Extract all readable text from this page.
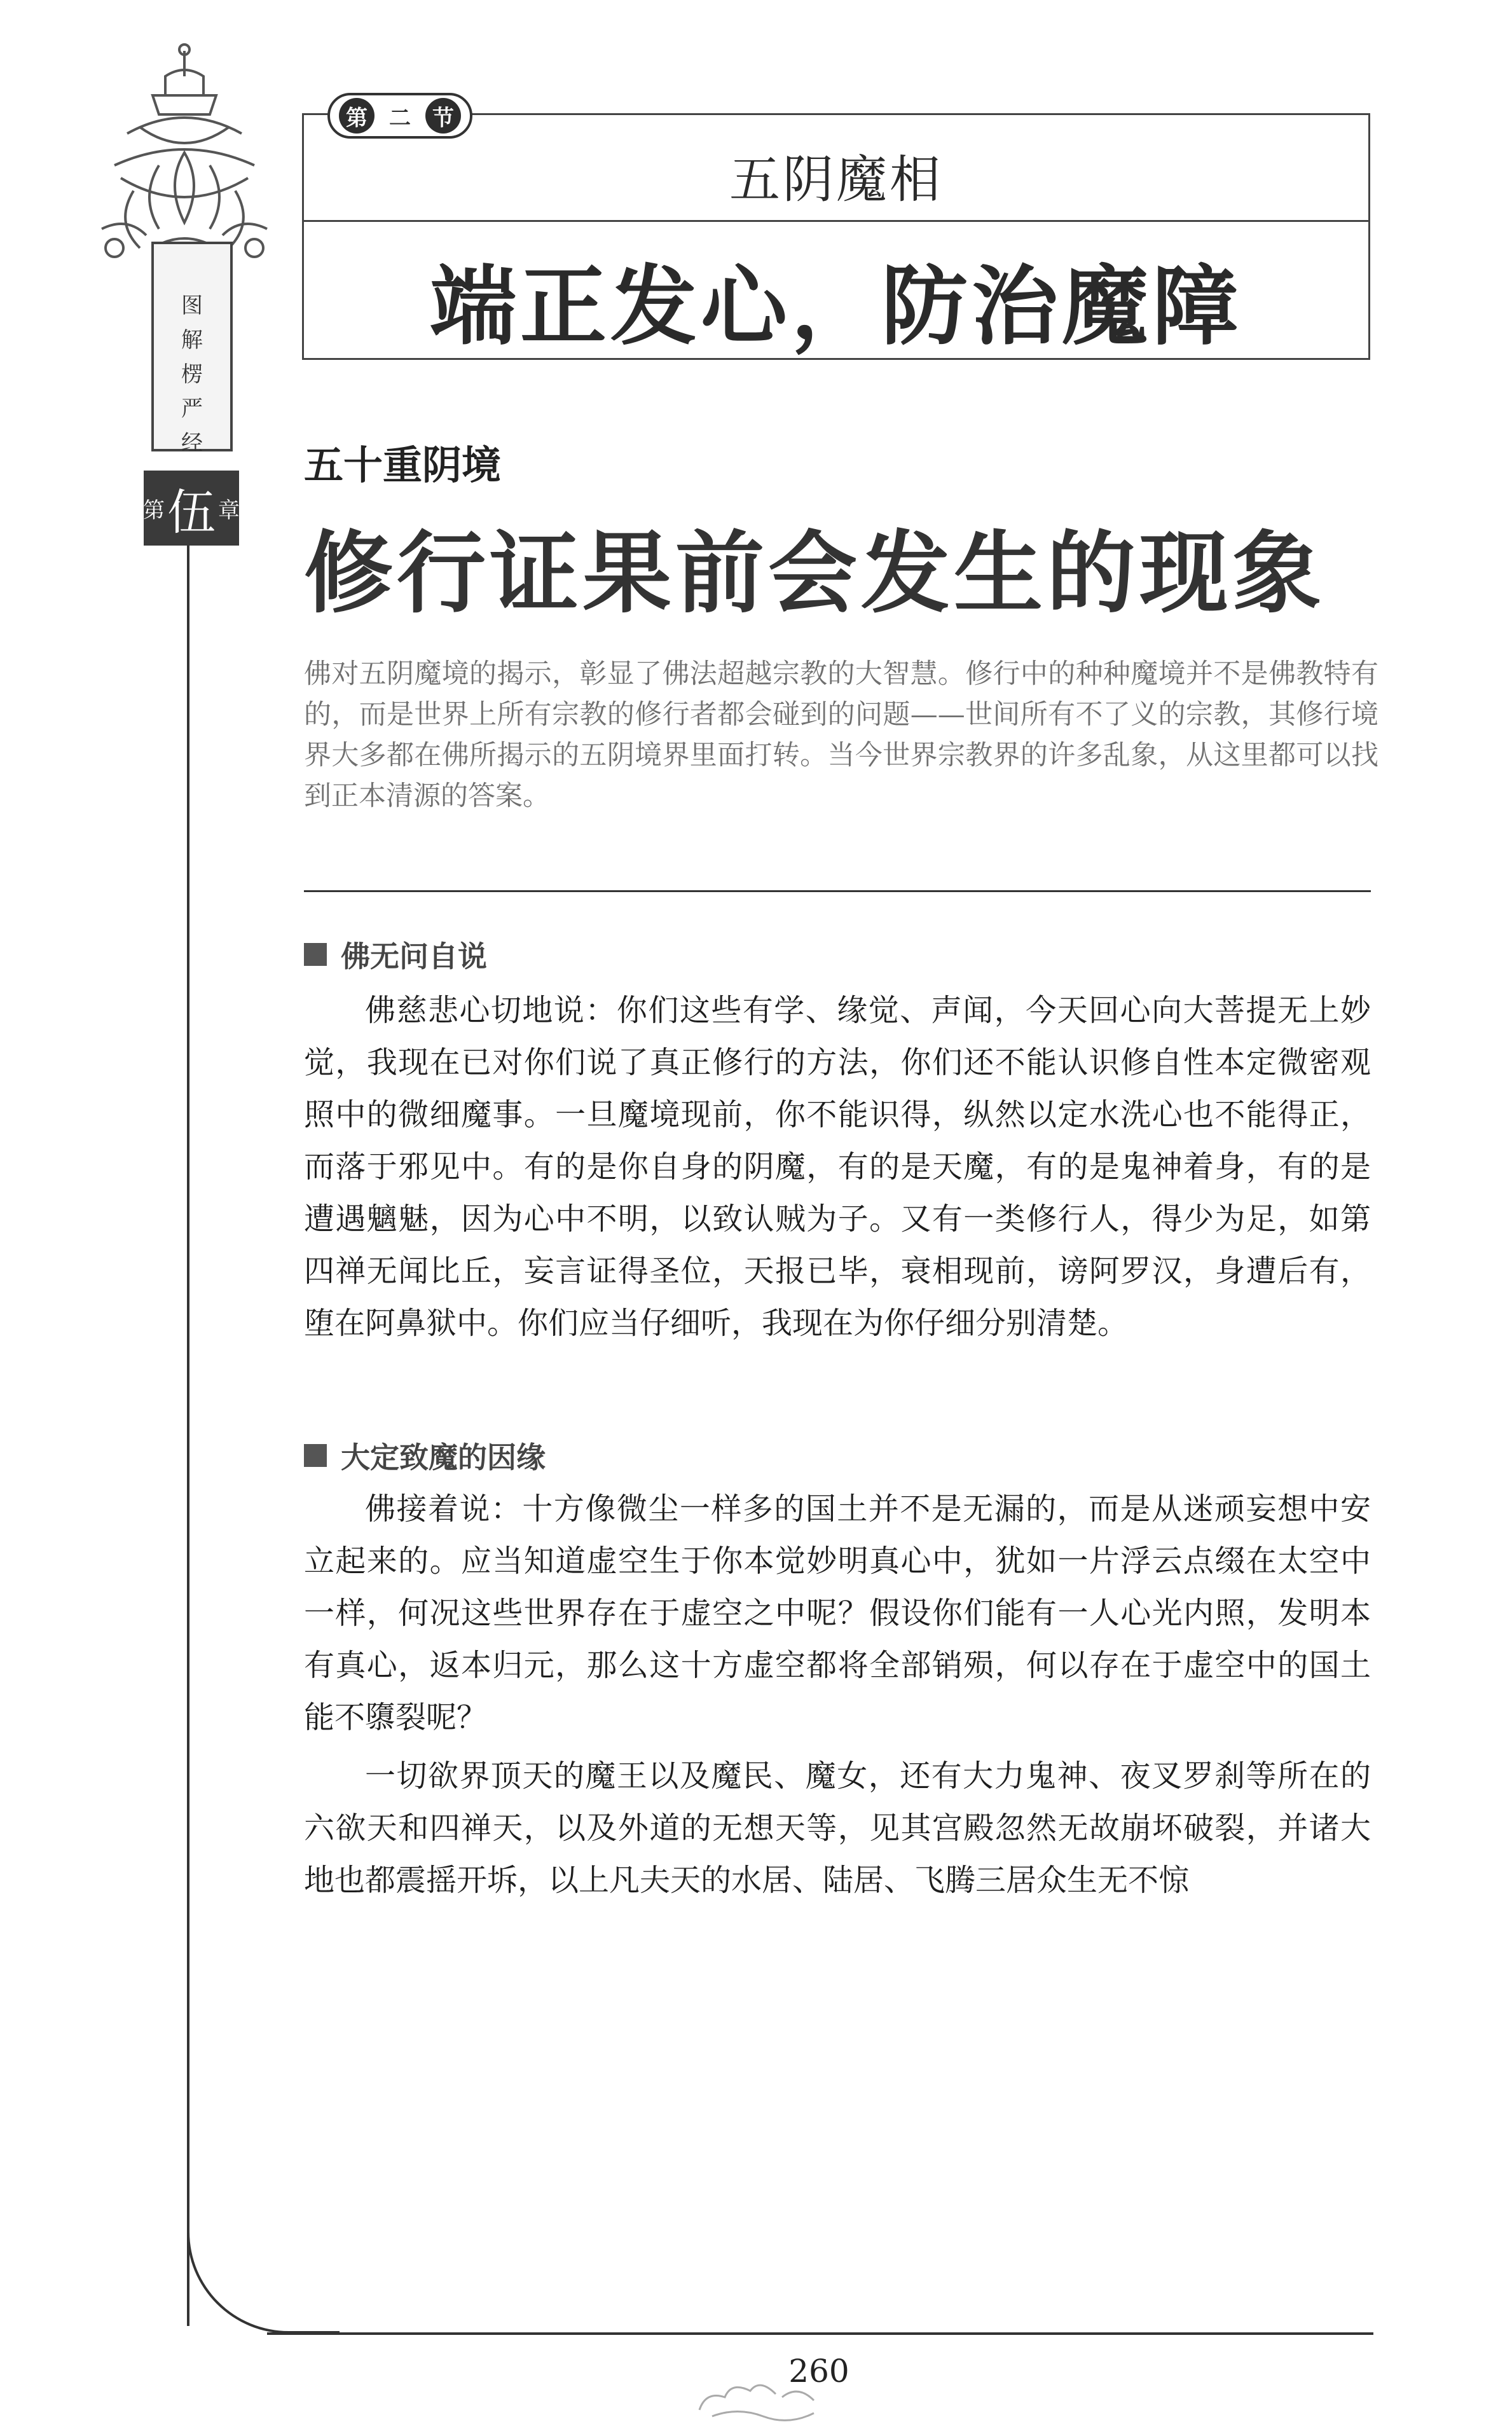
图
解
楞
严
经
第 伍 章
第	二	节
五阴魔相
端正发心，防治魔障
五十重阴境
修行证果前会发生的现象
佛对五阴魔境的揭示，彰显了佛法超越宗教的大智慧。修行中的种种魔境并不是佛教特有的，而是世界上所有宗教的修行者都会碰到的问题——世间所有不了义的宗教，其修行境界大多都在佛所揭示的五阴境界里面打转。当今世界宗教界的许多乱象，从这里都可以找到正本清源的答案。
佛无问自说
佛慈悲心切地说：你们这些有学、缘觉、声闻，今天回心向大菩提无上妙觉，我现在已对你们说了真正修行的方法，你们还不能认识修自性本定微密观照中的微细魔事。一旦魔境现前，你不能识得，纵然以定水洗心也不能得正，而落于邪见中。有的是你自身的阴魔，有的是天魔，有的是鬼神着身，有的是遭遇魑魅，因为心中不明，以致认贼为子。又有一类修行人，得少为足，如第四禅无闻比丘，妄言证得圣位，天报已毕，衰相现前，谤阿罗汉，身遭后有，堕在阿鼻狱中。你们应当仔细听，我现在为你仔细分别清楚。
大定致魔的因缘
佛接着说：十方像微尘一样多的国土并不是无漏的，而是从迷顽妄想中安立起来的。应当知道虚空生于你本觉妙明真心中，犹如一片浮云点缀在太空中一样，何况这些世界存在于虚空之中呢？假设你们能有一人心光内照，发明本有真心，返本归元，那么这十方虚空都将全部销殒，何以存在于虚空中的国土能不隳裂呢？
一切欲界顶天的魔王以及魔民、魔女，还有大力鬼神、夜叉罗刹等所在的六欲天和四禅天，以及外道的无想天等，见其宫殿忽然无故崩坏破裂，并诸大地也都震摇开坼，以上凡夫天的水居、陆居、飞腾三居众生无不惊
260
